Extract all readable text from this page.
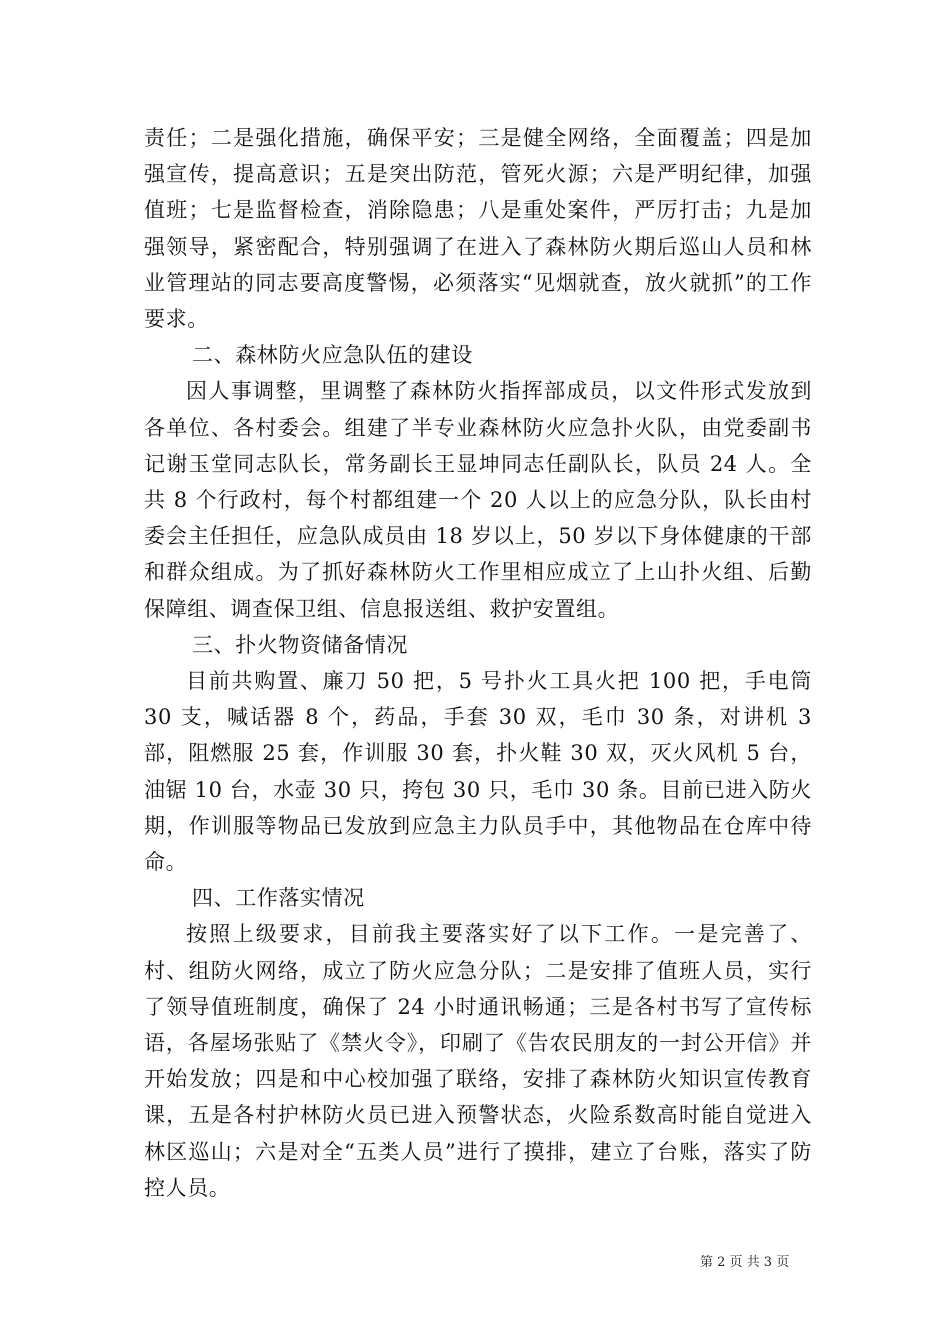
责任；二是强化措施，确保平安；三是健全网络，全面覆盖；四是加强宣传，提高意识；五是突出防范，管死火源；六是严明纪律，加强值班；七是监督检查，消除隐患；八是重处案件，严厉打击；九是加强领导，紧密配合，特别强调了在进入了森林防火期后巡山人员和林业管理站的同志要高度警惕，必须落实“见烟就查，放火就抓”的工作要求。

二、森林防火应急队伍的建设

因人事调整，里调整了森林防火指挥部成员，以文件形式发放到各单位、各村委会。组建了半专业森林防火应急扑火队，由党委副书记谢玉堂同志队长，常务副长王显坤同志任副队长，队员 24 人。全共 8 个行政村，每个村都组建一个 20 人以上的应急分队，队长由村委会主任担任，应急队成员由 18 岁以上，50 岁以下身体健康的干部和群众组成。为了抓好森林防火工作里相应成立了上山扑火组、后勤保障组、调查保卫组、信息报送组、救护安置组。

三、扑火物资储备情况

目前共购置、廉刀 50 把，5 号扑火工具火把 100 把，手电筒 30 支，喊话器 8 个，药品，手套 30 双，毛巾 30 条，对讲机 3 部，阻燃服 25 套，作训服 30 套，扑火鞋 30 双，灭火风机 5 台，油锯 10 台，水壶 30 只，挎包 30 只，毛巾 30 条。目前已进入防火期，作训服等物品已发放到应急主力队员手中，其他物品在仓库中待命。

四、工作落实情况

按照上级要求，目前我主要落实好了以下工作。一是完善了、村、组防火网络，成立了防火应急分队；二是安排了值班人员，实行了领导值班制度，确保了 24 小时通讯畅通；三是各村书写了宣传标语，各屋场张贴了《禁火令》，印刷了《告农民朋友的一封公开信》并开始发放；四是和中心校加强了联络，安排了森林防火知识宣传教育课，五是各村护林防火员已进入预警状态，火险系数高时能自觉进入林区巡山；六是对全“五类人员”进行了摸排，建立了台账，落实了防控人员。

第 2 页 共 3 页
